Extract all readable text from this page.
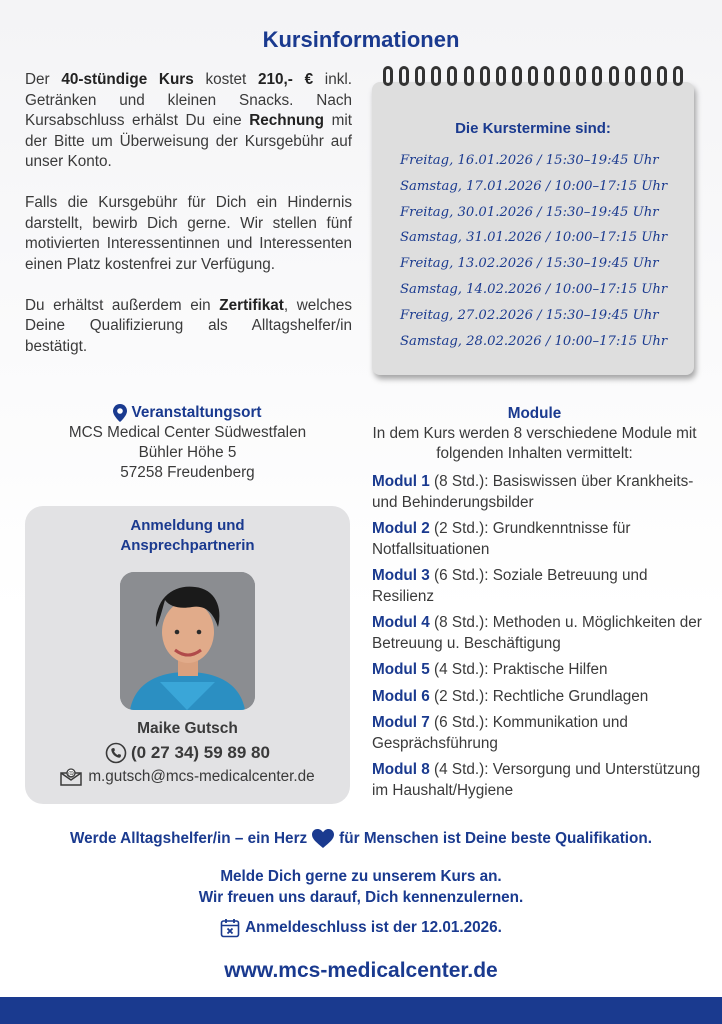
Kursinformationen

Der 40-stündige Kurs kostet 210,- € inkl. Getränken und kleinen Snacks. Nach Kursabschluss erhälst Du eine Rechnung mit der Bitte um Überweisung der Kursgebühr auf unser Konto.

Falls die Kursgebühr für Dich ein Hindernis darstellt, bewirb Dich gerne. Wir stellen fünf motivierten Interessentinnen und Interessenten einen Platz kostenfrei zur Verfügung.

Du erhältst außerdem ein Zertifikat, welches Deine Qualifizierung als Alltagshelfer/in bestätigt.

Die Kurstermine sind:
Freitag, 16.01.2026 / 15:30–19:45 Uhr
Samstag, 17.01.2026 / 10:00–17:15 Uhr
Freitag, 30.01.2026 / 15:30–19:45 Uhr
Samstag, 31.01.2026 / 10:00–17:15 Uhr
Freitag, 13.02.2026 / 15:30–19:45 Uhr
Samstag, 14.02.2026 / 10:00–17:15 Uhr
Freitag, 27.02.2026 / 15:30–19:45 Uhr
Samstag, 28.02.2026 / 10:00–17:15 Uhr
Veranstaltungsort
MCS Medical Center Südwestfalen
Bühler Höhe 5
57258 Freudenberg
Anmeldung und
Ansprechpartnerin
Maike Gutsch
(0 27 34) 59 89 80
@ m.gutsch@mcs-medicalcenter.de
Module
In dem Kurs werden 8 verschiedene Module mit folgenden Inhalten vermittelt:
Modul 1 (8 Std.): Basiswissen über Krankheits- und Behinderungsbilder
Modul 2 (2 Std.): Grundkenntnisse für Notfallsituationen
Modul 3 (6 Std.): Soziale Betreuung und Resilienz
Modul 4 (8 Std.): Methoden u. Möglichkeiten der Betreuung u. Beschäftigung
Modul 5 (4 Std.): Praktische Hilfen
Modul 6 (2 Std.): Rechtliche Grundlagen
Modul 7 (6 Std.): Kommunikation und Gesprächsführung
Modul 8 (4 Std.): Versorgung und Unterstützung im Haushalt/Hygiene
Werde Alltagshelfer/in – ein Herz für Menschen ist Deine beste Qualifikation.
Melde Dich gerne zu unserem Kurs an.
Wir freuen uns darauf, Dich kennenzulernen.
Anmeldeschluss ist der 12.01.2026.
www.mcs-medicalcenter.de
